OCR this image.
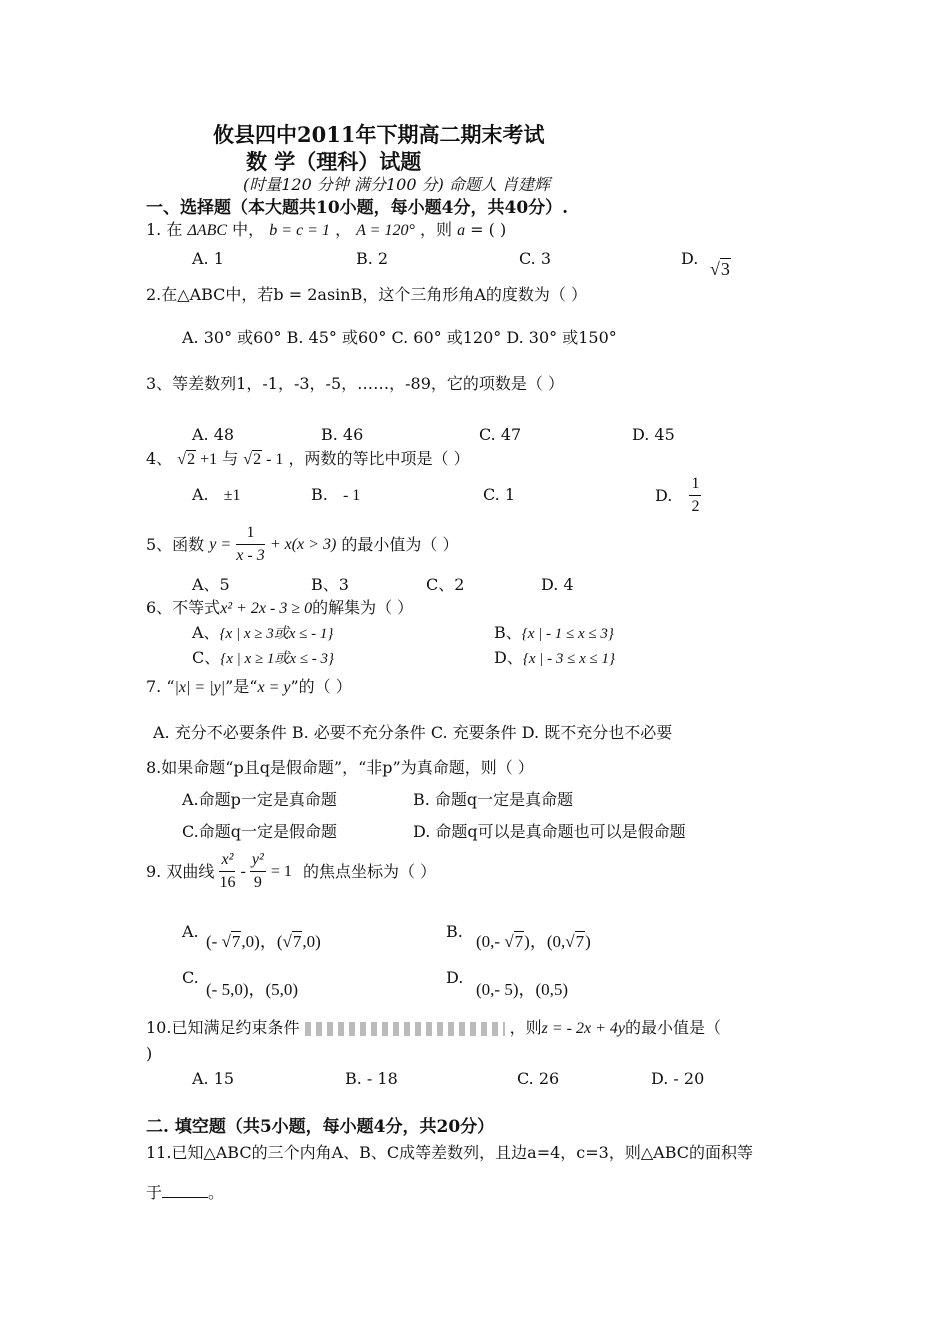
攸县四中2011年下期高二期末考试
数 学（理科）试题
(时量120 分钟 满分100 分) 命题人 肖建辉
一、选择题（本大题共10小题，每小题4分，共40分）.
1. 在 ΔABC 中， b = c = 1 ， A = 120° ，则 a = ( )
A. 1	B. 2	C. 3	D.
√3
2.在△ABC中，若b = 2asinB，这个三角形角A的度数为（ ）
A. 30° 或60° B. 45° 或60° C. 60° 或120° D. 30° 或150°
3、等差数列1，-1，-3，-5，……，-89，它的项数是（ ）
A. 48	B. 46	C. 47	D. 45
4、 √2 +1 与 √2 - 1 ，两数的等比中项是（ ）
A. ±1	B. - 1	C. 1	D. $\frac{1}{2}$
5、函数 $y = \frac{1}{x - 3} + x(x > 3)$ 的最小值为（ ）
A、5	B、3	C、2	D. 4
6、不等式x² + 2x - 3 ≥ 0的解集为（ ）
A、{x | x ≥ 3或x ≤ - 1}	B、{x | - 1 ≤ x ≤ 3}
C、{x | x ≥ 1或x ≤ - 3}	D、{x | - 3 ≤ x ≤ 1}
7. “|x| = |y|”是“x = y”的（ ）
A. 充分不必要条件 B. 必要不充分条件 C. 充要条件 D. 既不充分也不必要
8.如果命题“p且q是假命题”，“非p”为真命题，则（ ）
A.命题p一定是真命题	B. 命题q一定是真命题
C.命题q一定是假命题	D. 命题q可以是真命题也可以是假命题
9. 双曲线 $\frac{\text{x²}}{16} - \frac{\text{y²}}{9} = 1$ 的焦点坐标为（ ）
A.
(- √7,0)，(√7,0)
B.
(0,- √7)，(0,√7)
C.
(- 5,0)，(5,0)
D.
(0,- 5)，(0,5)
10.已知满足约束条件	，则z = - 2x + 4y的最小值是（
)
A. 15	B. - 18	C. 26	D. - 20
二. 填空题（共5小题，每小题4分，共20分）
11.已知△ABC的三个内角A、B、C成等差数列，且边a=4，c=3，则△ABC的面积等
于	。
